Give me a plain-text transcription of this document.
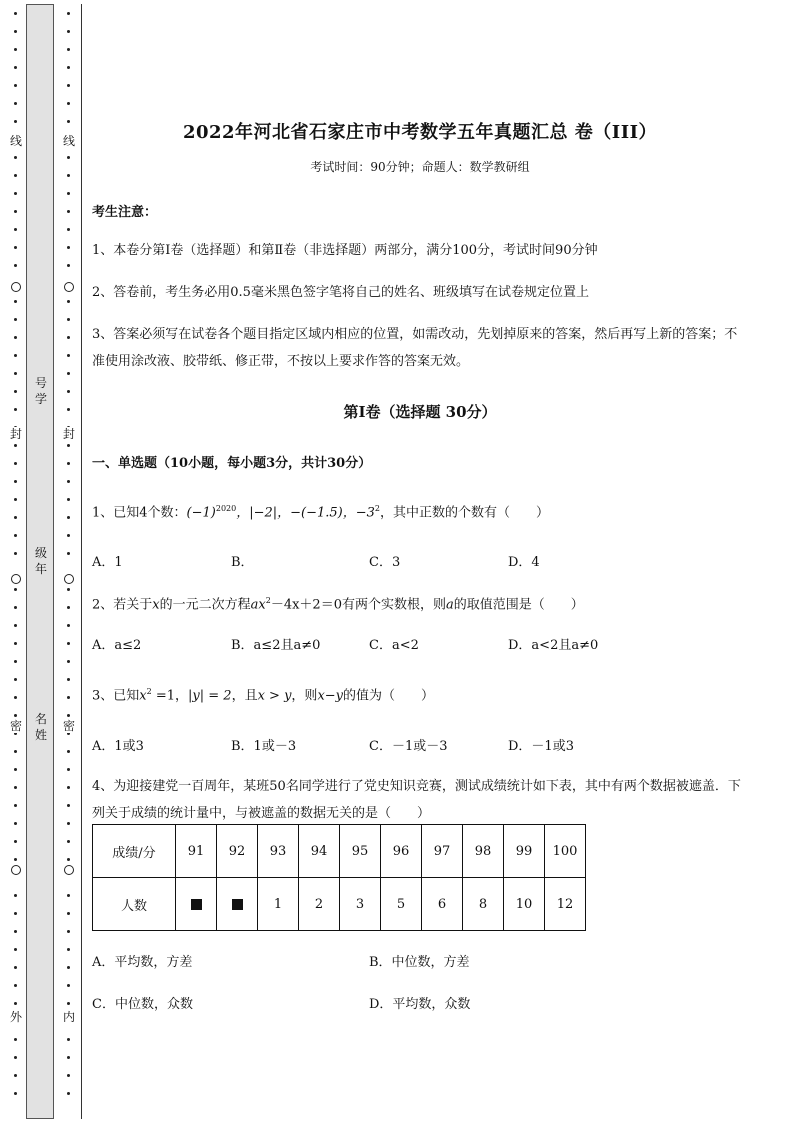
线
封
密
外
号
学
级
年
名
姓
线
封
密
内
2022年河北省石家庄市中考数学五年真题汇总 卷（III）
考试时间：90分钟；命题人：数学教研组
考生注意：
1、本卷分第I卷（选择题）和第Ⅱ卷（非选择题）两部分，满分100分，考试时间90分钟
2、答卷前，考生务必用0.5毫米黑色签字笔将自己的姓名、班级填写在试卷规定位置上
3、答案必须写在试卷各个题目指定区域内相应的位置，如需改动，先划掉原来的答案，然后再写上新的答案；不准使用涂改液、胶带纸、修正带，不按以上要求作答的答案无效。
第I卷（选择题 30分）
一、单选题（10小题，每小题3分，共计30分）
1、已知4个数：$(-1)^{2020}$，|−2|，−(−1.5)，$-3^2$，其中正数的个数有（　　）
A．1	B．	C．3	D．4
2、若关于x的一元二次方程$ax^2-4x+2=0$有两个实数根，则a的取值范围是（　　）
A．a≤2	B．a≤2且a≠0	C．a<2	D．a<2且a≠0
3、已知$x^2 =1$，|y| = 2，且x > y，则x−y的值为（　　）
A．1或3	B．1或－3	C．－1或－3	D．－1或3
4、为迎接建党一百周年，某班50名同学进行了党史知识竞赛，测试成绩统计如下表，其中有两个数据被遮盖．下列关于成绩的统计量中，与被遮盖的数据无关的是（　　）
成绩/分	91	92	93	94	95	96	97	98	99	100
人数			1	2	3	5	6	8	10	12
A．平均数，方差	B．中位数，方差
C．中位数，众数	D．平均数，众数
